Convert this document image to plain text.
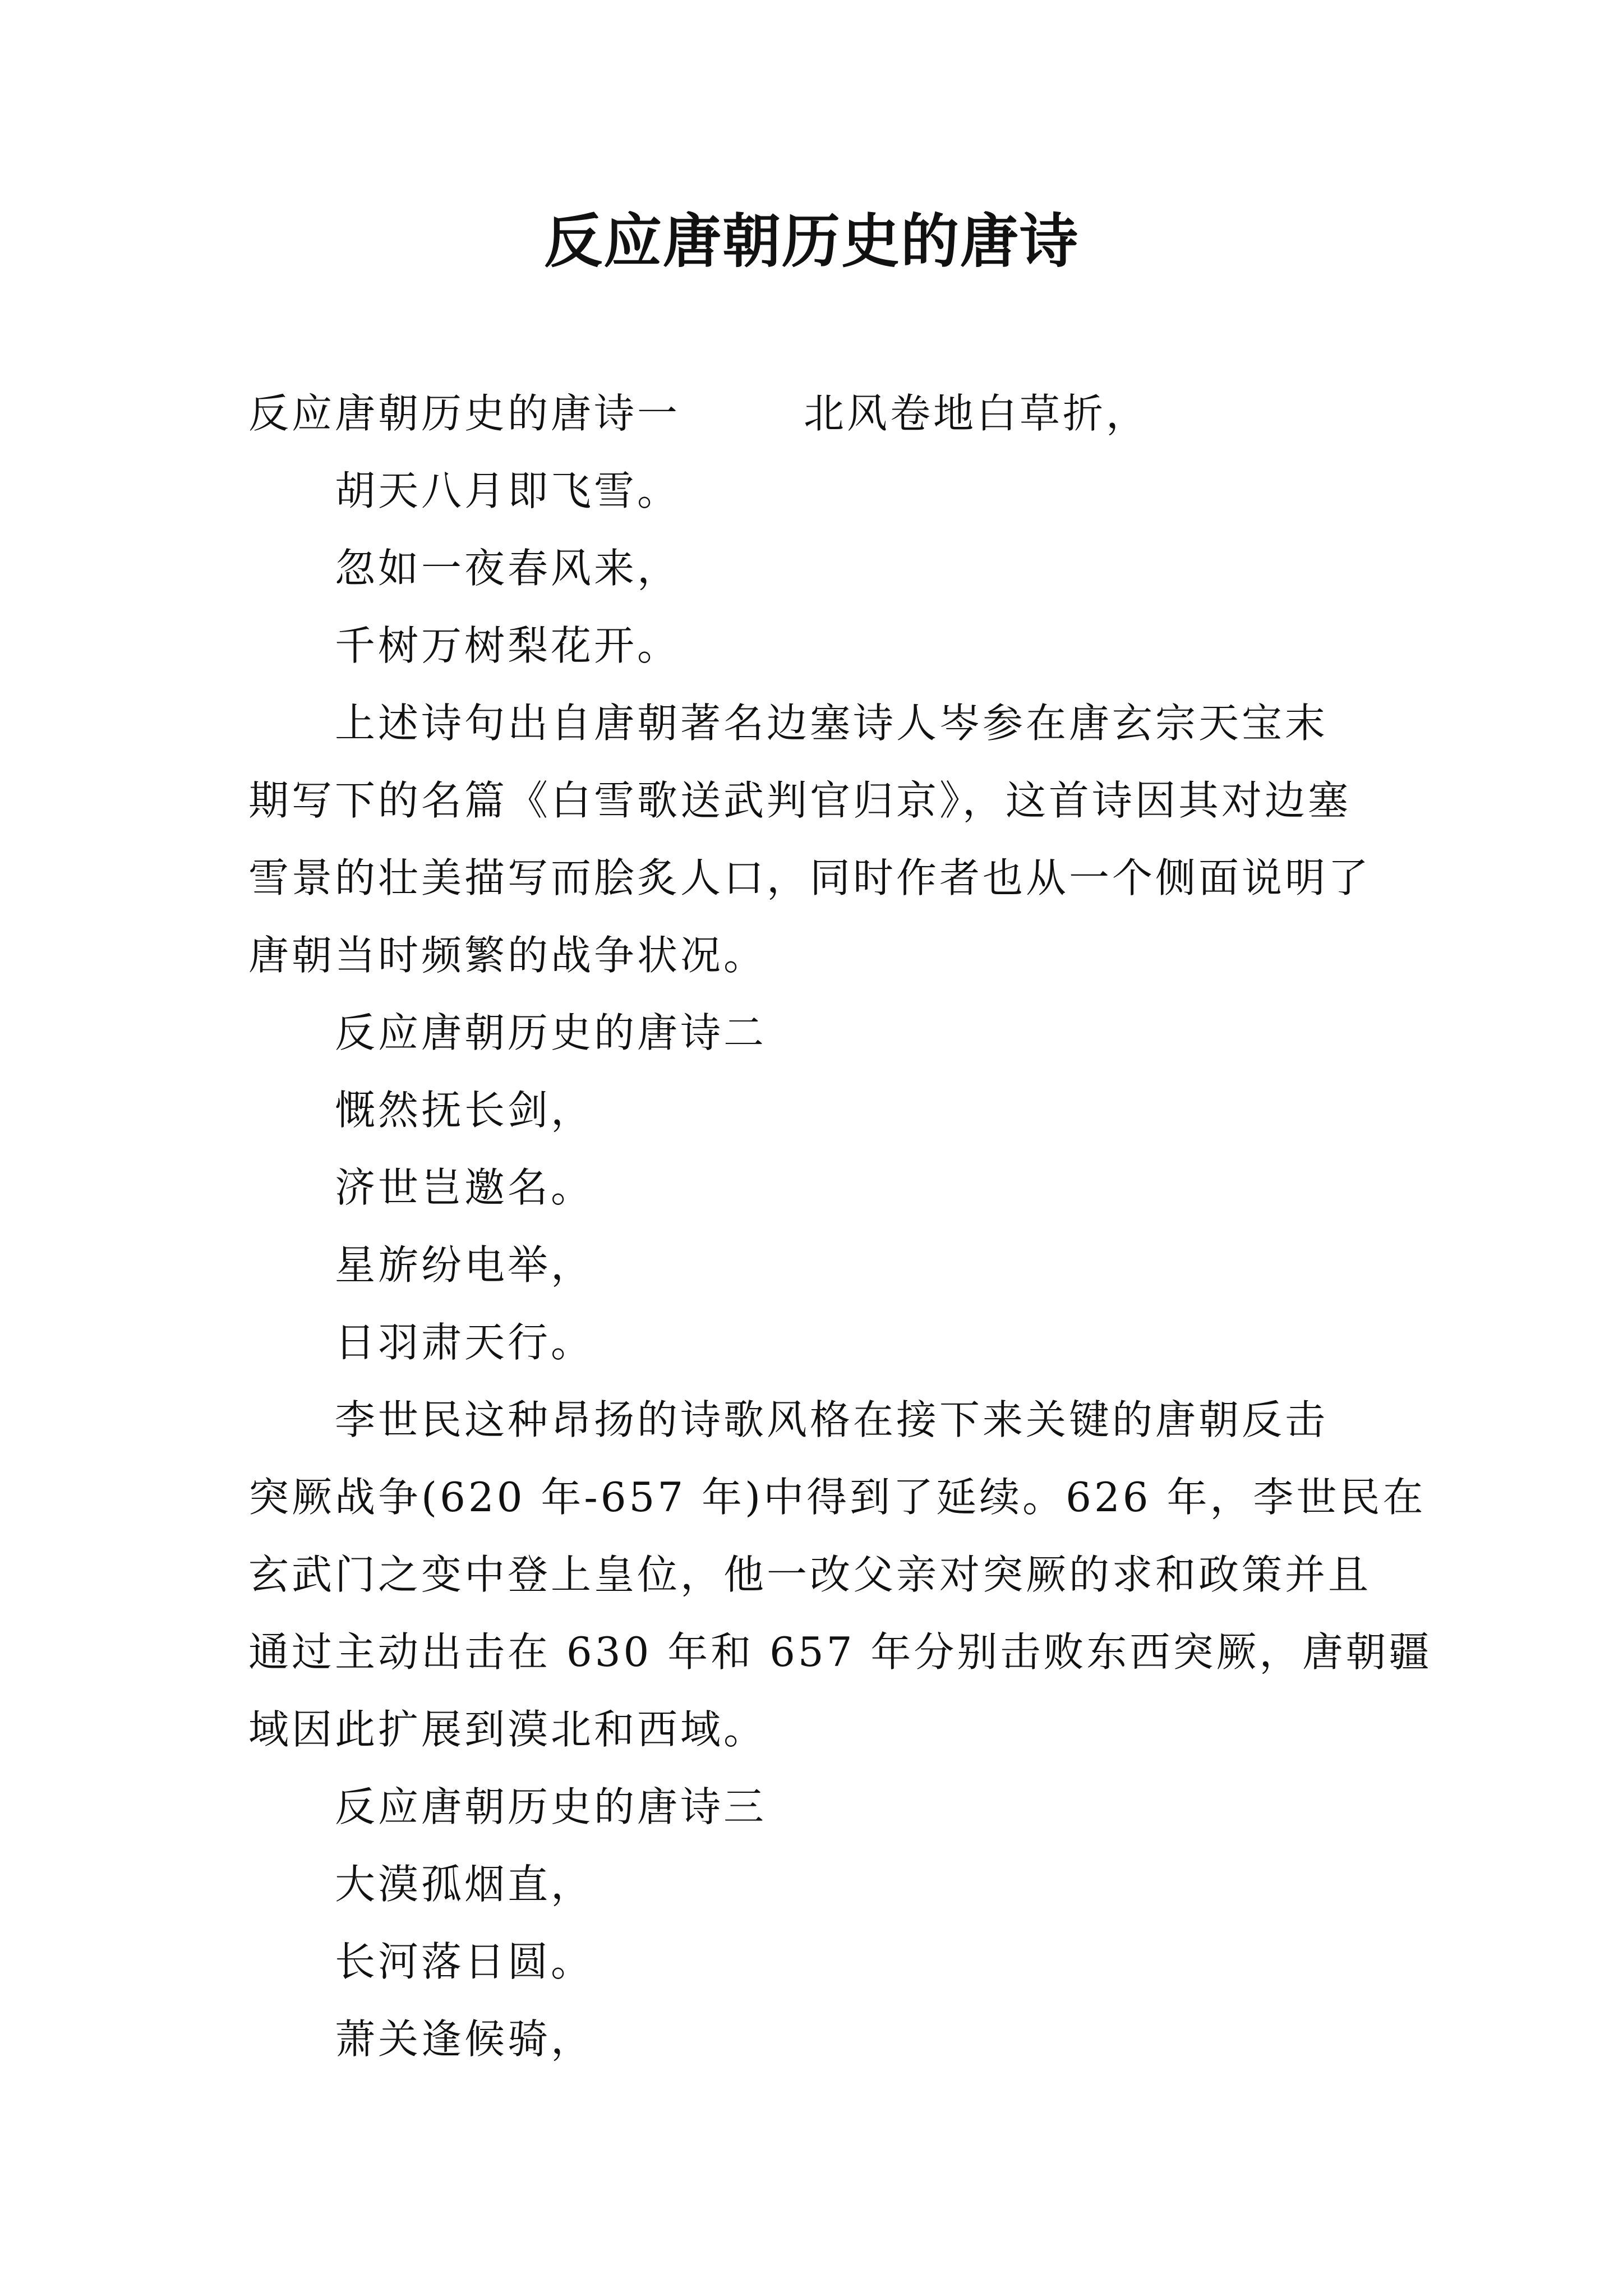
反应唐朝历史的唐诗
反应唐朝历史的唐诗一	北风卷地白草折，
胡天八月即飞雪。
忽如一夜春风来，
千树万树梨花开。
上述诗句出自唐朝著名边塞诗人岑参在唐玄宗天宝末
期写下的名篇《白雪歌送武判官归京》，这首诗因其对边塞
雪景的壮美描写而脍炙人口，同时作者也从一个侧面说明了
唐朝当时频繁的战争状况。
反应唐朝历史的唐诗二
慨然抚长剑，
济世岂邀名。
星旂纷电举，
日羽肃天行。
李世民这种昂扬的诗歌风格在接下来关键的唐朝反击
突厥战争(620 年-657 年)中得到了延续。626 年，李世民在
玄武门之变中登上皇位，他一改父亲对突厥的求和政策并且
通过主动出击在 630 年和 657 年分别击败东西突厥，唐朝疆
域因此扩展到漠北和西域。
反应唐朝历史的唐诗三
大漠孤烟直，
长河落日圆。
萧关逢候骑，
